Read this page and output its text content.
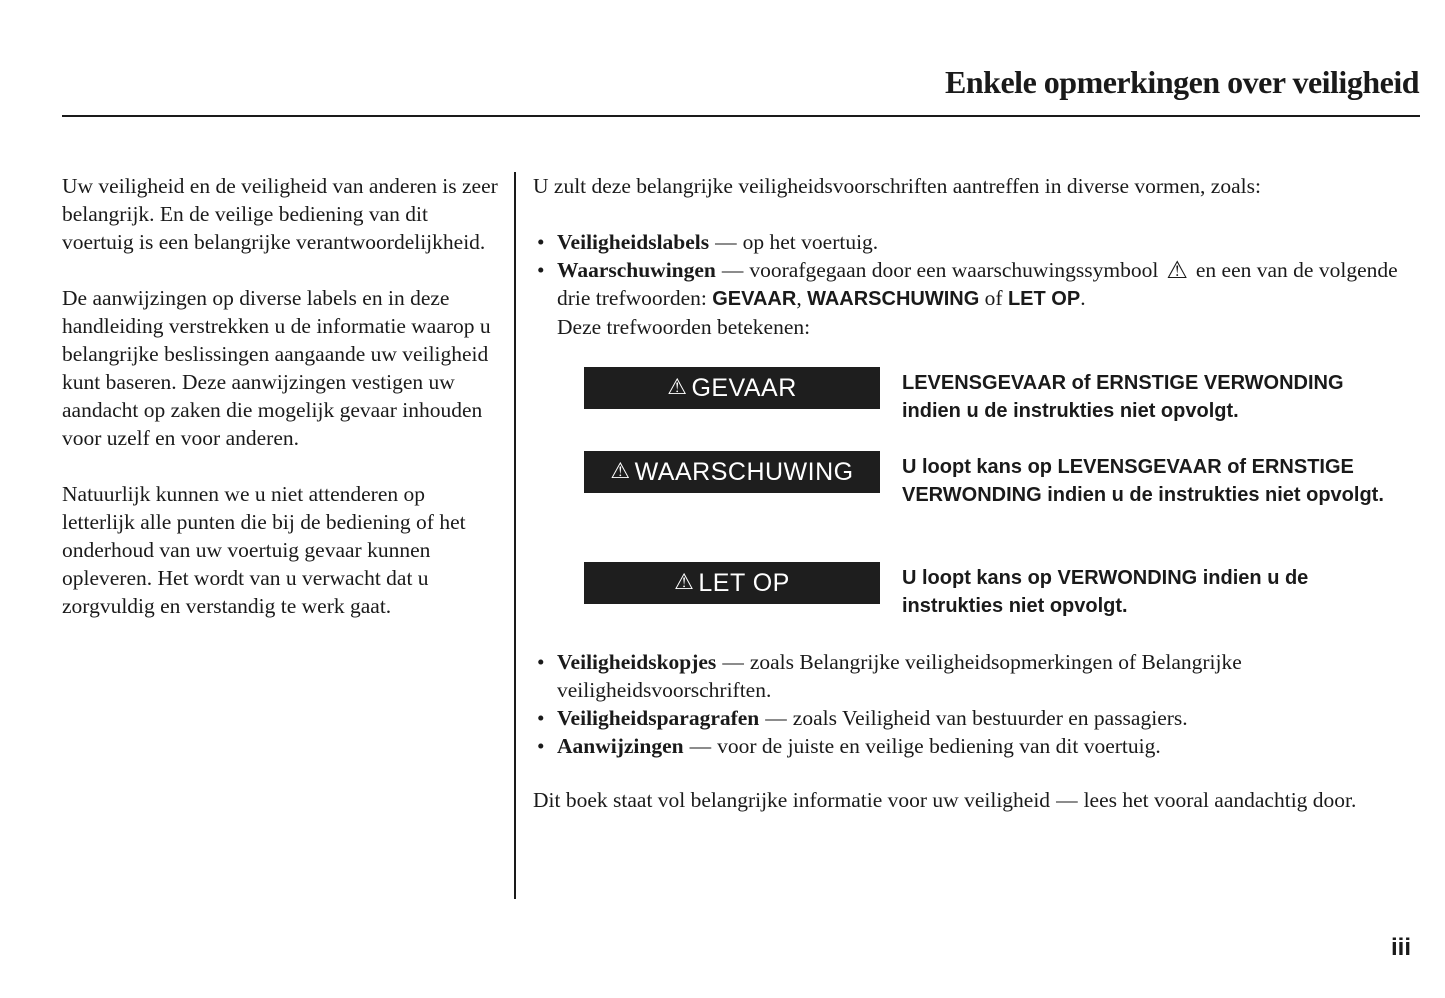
Enkele opmerkingen over veiligheid

Uw veiligheid en de veiligheid van anderen is zeer belangrijk. En de veilige bediening van dit voertuig is een belangrijke verantwoordelijkheid.

De aanwijzingen op diverse labels en in deze handleiding verstrekken u de informatie waarop u belangrijke beslissingen aangaande uw veiligheid kunt baseren. Deze aanwijzingen vestigen uw aandacht op zaken die mogelijk gevaar inhouden voor uzelf en voor anderen.

Natuurlijk kunnen we u niet attenderen op letterlijk alle punten die bij de bediening of het onderhoud van uw voertuig gevaar kunnen opleveren. Het wordt van u verwacht dat u zorgvuldig en verstandig te werk gaat.

U zult deze belangrijke veiligheidsvoorschriften aantreffen in diverse vormen, zoals:

• Veiligheidslabels — op het voertuig.
• Waarschuwingen — voorafgegaan door een waarschuwingssymbool ⚠ en een van de volgende drie trefwoorden: GEVAAR, WAARSCHUWING of LET OP.
Deze trefwoorden betekenen:
⚠ GEVAAR	LEVENSGEVAAR of ERNSTIGE VERWONDING indien u de instrukties niet opvolgt.
⚠ WAARSCHUWING U loopt kans op LEVENSGEVAAR of ERNSTIGE VERWONDING indien u de instrukties niet opvolgt.
⚠ LET OP	U loopt kans op VERWONDING indien u de instrukties niet opvolgt.
• Veiligheidskopjes — zoals Belangrijke veiligheidsopmerkingen of Belangrijke veiligheidsvoorschriften.
• Veiligheidsparagrafen — zoals Veiligheid van bestuurder en passagiers.
• Aanwijzingen — voor de juiste en veilige bediening van dit voertuig.

Dit boek staat vol belangrijke informatie voor uw veiligheid — lees het vooral aandachtig door.

iii
